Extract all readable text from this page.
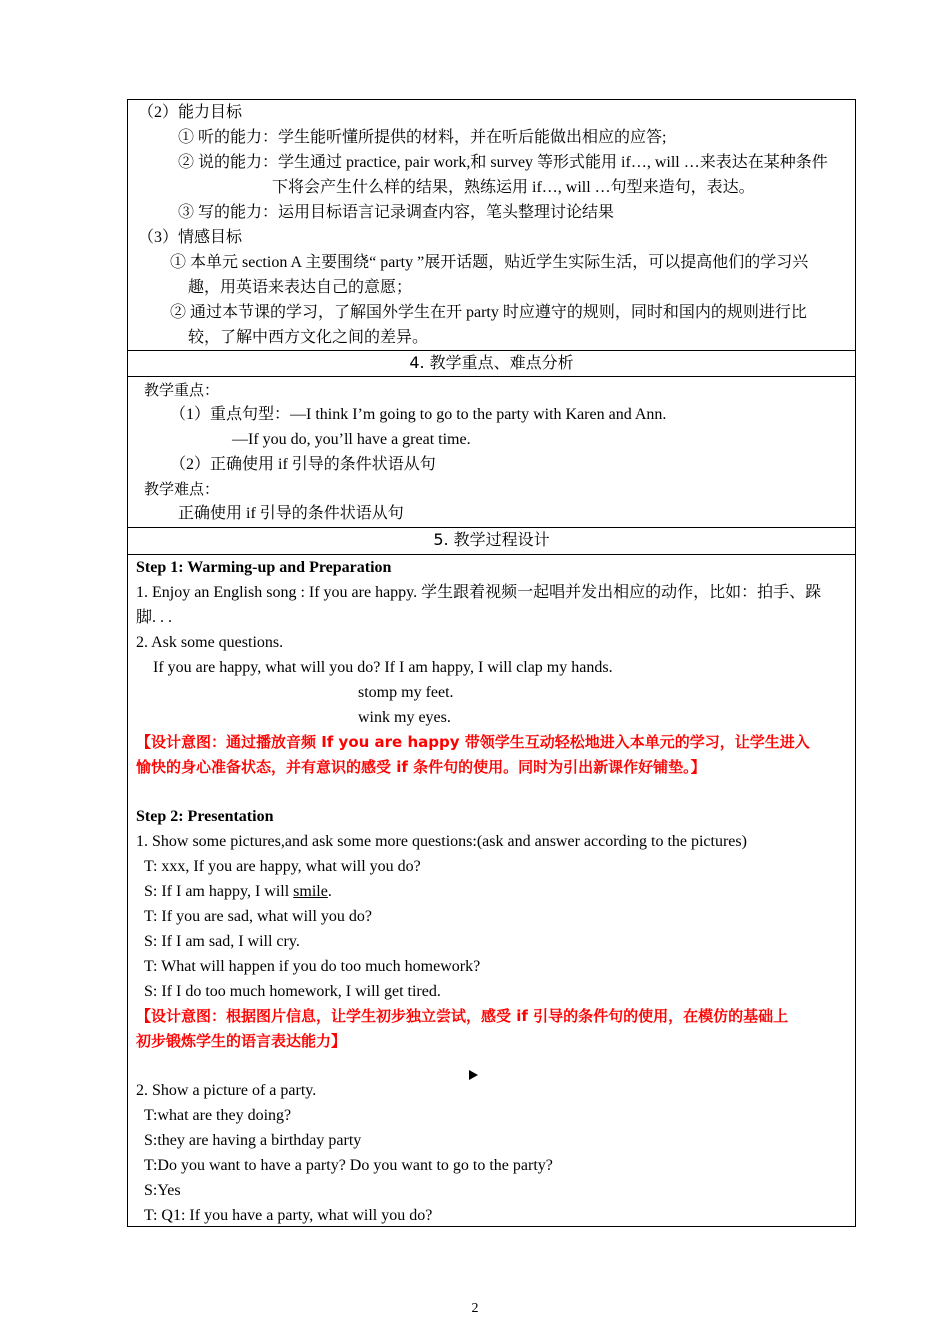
（2）能力目标
① 听的能力：学生能听懂所提供的材料，并在听后能做出相应的应答;
② 说的能力：学生通过 practice, pair work,和 survey 等形式能用 if…, will …来表达在某种条件
下将会产生什么样的结果，熟练运用 if…, will …句型来造句，表达。
③ 写的能力：运用目标语言记录调查内容，笔头整理讨论结果
（3）情感目标
① 本单元 section A 主要围绕“ party ”展开话题，贴近学生实际生活，可以提高他们的学习兴
趣，用英语来表达自己的意愿；
② 通过本节课的学习，了解国外学生在开 party 时应遵守的规则，同时和国内的规则进行比
较，了解中西方文化之间的差异。
4. 教学重点、难点分析
教学重点：
（1）重点句型：—I think I’m going to go to the party with Karen and Ann.
—If you do, you’ll have a great time.
（2）正确使用 if 引导的条件状语从句
教学难点：
正确使用 if 引导的条件状语从句
5. 教学过程设计
Step 1: Warming-up and Preparation
1. Enjoy an English song : If you are happy. 学生跟着视频一起唱并发出相应的动作，比如：拍手、跺
脚. . .
2. Ask some questions.
If you are happy, what will you do? If I am happy, I will clap my hands.
stomp my feet.
wink my eyes.
【设计意图：通过播放音频 If you are happy 带领学生互动轻松地进入本单元的学习，让学生进入
愉快的身心准备状态，并有意识的感受 if 条件句的使用。同时为引出新课作好铺垫。】
Step 2: Presentation
1. Show some pictures,and ask some more questions:(ask and answer according to the pictures)
T: xxx, If you are happy, what will you do?
S: If I am happy, I will smile.
T: If you are sad, what will you do?
S: If I am sad, I will cry.
T: What will happen if you do too much homework?
S: If I do too much homework, I will get tired.
【设计意图：根据图片信息，让学生初步独立尝试，感受 if 引导的条件句的使用，在模仿的基础上
初步锻炼学生的语言表达能力】
2. Show a picture of a party.
T:what are they doing?
S:they are having a birthday party
T:Do you want to have a party? Do you want to go to the party?
S:Yes
T: Q1: If you have a party, what will you do?
2
